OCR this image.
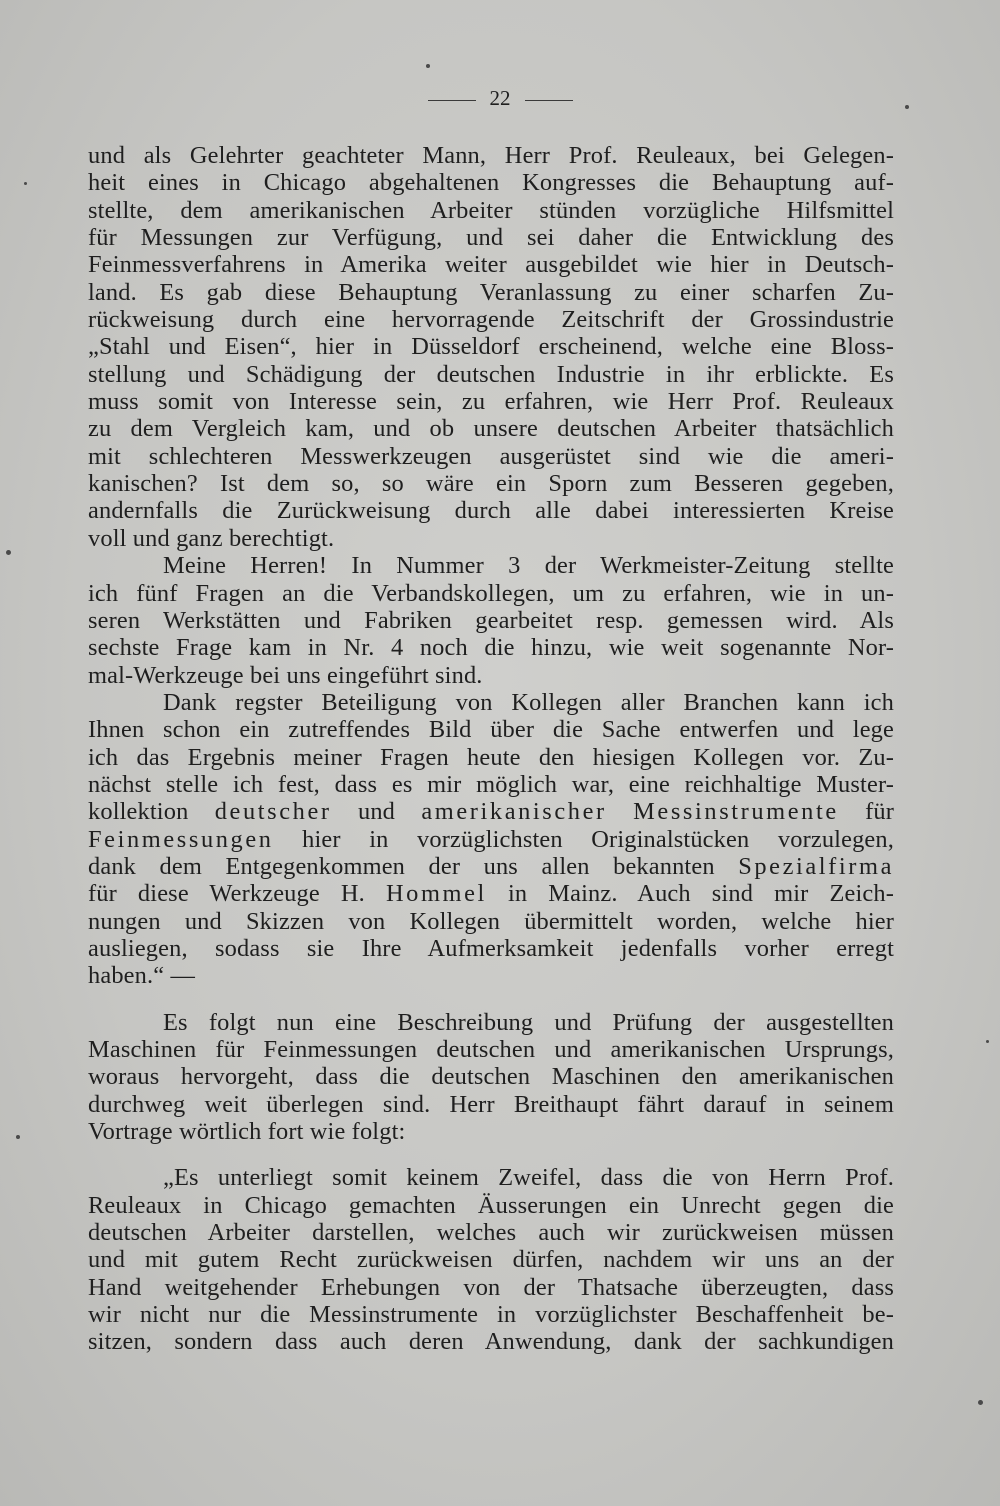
22

und als Gelehrter geachteter Mann, Herr Prof. Reuleaux, bei Gelegen-

heit eines in Chicago abgehaltenen Kongresses die Behauptung auf-

stellte, dem amerikanischen Arbeiter stünden vorzügliche Hilfsmittel

für Messungen zur Verfügung, und sei daher die Entwicklung des

Feinmessverfahrens in Amerika weiter ausgebildet wie hier in Deutsch-

land. Es gab diese Behauptung Veranlassung zu einer scharfen Zu-

rückweisung durch eine hervorragende Zeitschrift der Grossindustrie

„Stahl und Eisen“, hier in Düsseldorf erscheinend, welche eine Bloss-

stellung und Schädigung der deutschen Industrie in ihr erblickte. Es

muss somit von Interesse sein, zu erfahren, wie Herr Prof. Reuleaux

zu dem Vergleich kam, und ob unsere deutschen Arbeiter thatsächlich

mit schlechteren Messwerkzeugen ausgerüstet sind wie die ameri-

kanischen? Ist dem so, so wäre ein Sporn zum Besseren gegeben,

andernfalls die Zurückweisung durch alle dabei interessierten Kreise

voll und ganz berechtigt.

Meine Herren! In Nummer 3 der Werkmeister-Zeitung stellte

ich fünf Fragen an die Verbandskollegen, um zu erfahren, wie in un-

seren Werkstätten und Fabriken gearbeitet resp. gemessen wird. Als

sechste Frage kam in Nr. 4 noch die hinzu, wie weit sogenannte Nor-

mal-Werkzeuge bei uns eingeführt sind.

Dank regster Beteiligung von Kollegen aller Branchen kann ich

Ihnen schon ein zutreffendes Bild über die Sache entwerfen und lege

ich das Ergebnis meiner Fragen heute den hiesigen Kollegen vor. Zu-

nächst stelle ich fest, dass es mir möglich war, eine reichhaltige Muster-

kollektion deutscher und amerikanischer Messinstrumente für

Feinmessungen hier in vorzüglichsten Originalstücken vorzulegen,

dank dem Entgegenkommen der uns allen bekannten Spezialfirma

für diese Werkzeuge H. Hommel in Mainz. Auch sind mir Zeich-

nungen und Skizzen von Kollegen übermittelt worden, welche hier

ausliegen, sodass sie Ihre Aufmerksamkeit jedenfalls vorher erregt

haben.“ —

Es folgt nun eine Beschreibung und Prüfung der ausgestellten

Maschinen für Feinmessungen deutschen und amerikanischen Ursprungs,

woraus hervorgeht, dass die deutschen Maschinen den amerikanischen

durchweg weit überlegen sind. Herr Breithaupt fährt darauf in seinem

Vortrage wörtlich fort wie folgt:

„Es unterliegt somit keinem Zweifel, dass die von Herrn Prof.

Reuleaux in Chicago gemachten Äusserungen ein Unrecht gegen die

deutschen Arbeiter darstellen, welches auch wir zurückweisen müssen

und mit gutem Recht zurückweisen dürfen, nachdem wir uns an der

Hand weitgehender Erhebungen von der Thatsache überzeugten, dass

wir nicht nur die Messinstrumente in vorzüglichster Beschaffenheit be-

sitzen, sondern dass auch deren Anwendung, dank der sachkundigen
